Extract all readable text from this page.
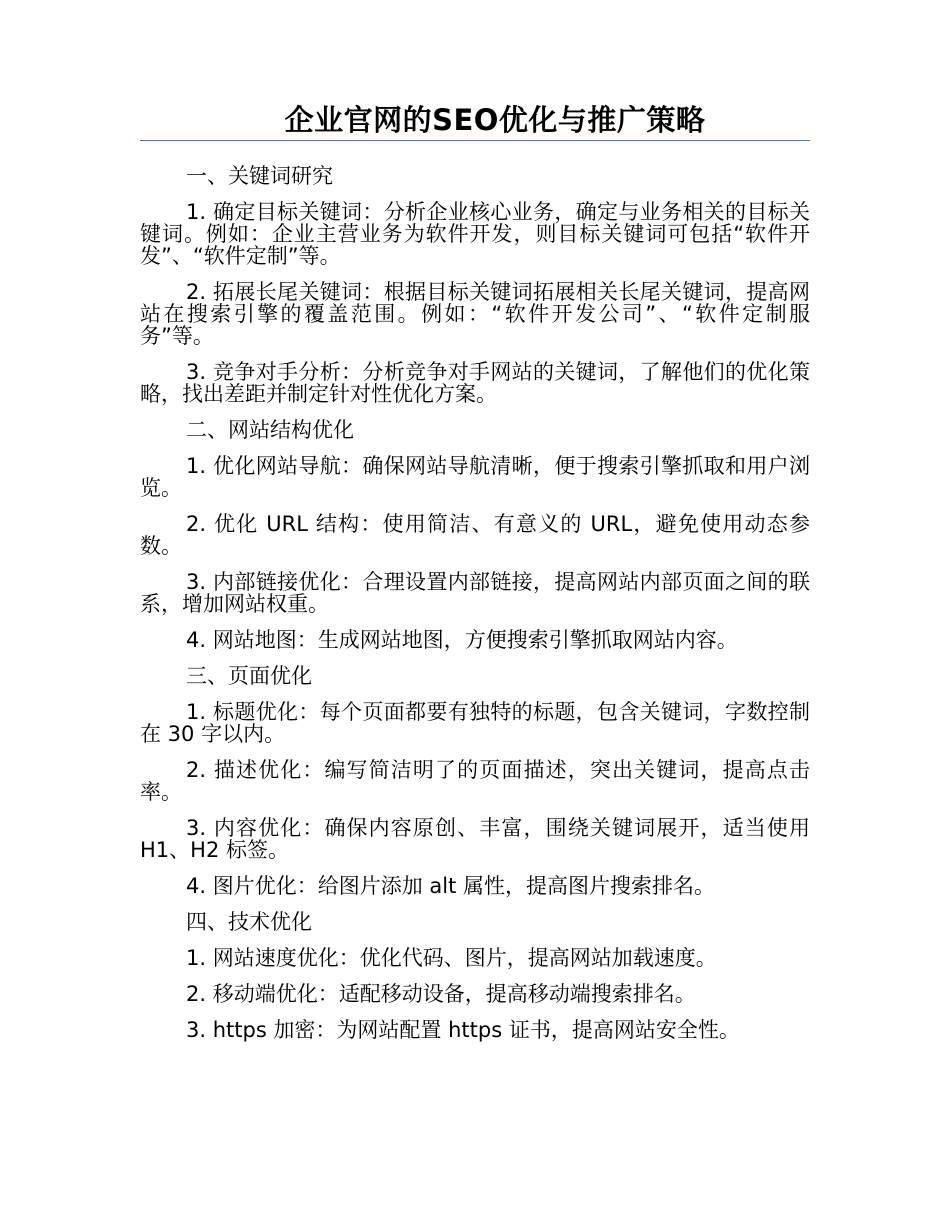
企业官网的SEO优化与推广策略

一、关键词研究

1. 确定目标关键词：分析企业核心业务，确定与业务相关的目标关键词。例如：企业主营业务为软件开发，则目标关键词可包括“软件开发”、“软件定制”等。

2. 拓展长尾关键词：根据目标关键词拓展相关长尾关键词，提高网站在搜索引擎的覆盖范围。例如：“软件开发公司”、“软件定制服务”等。

3. 竞争对手分析：分析竞争对手网站的关键词，了解他们的优化策略，找出差距并制定针对性优化方案。

二、网站结构优化

1. 优化网站导航：确保网站导航清晰，便于搜索引擎抓取和用户浏览。

2. 优化 URL 结构：使用简洁、有意义的 URL，避免使用动态参数。

3. 内部链接优化：合理设置内部链接，提高网站内部页面之间的联系，增加网站权重。

4. 网站地图：生成网站地图，方便搜索引擎抓取网站内容。

三、页面优化

1. 标题优化：每个页面都要有独特的标题，包含关键词，字数控制在 30 字以内。

2. 描述优化：编写简洁明了的页面描述，突出关键词，提高点击率。

3. 内容优化：确保内容原创、丰富，围绕关键词展开，适当使用 H1、H2 标签。

4. 图片优化：给图片添加 alt 属性，提高图片搜索排名。

四、技术优化

1. 网站速度优化：优化代码、图片，提高网站加载速度。

2. 移动端优化：适配移动设备，提高移动端搜索排名。

3. https 加密：为网站配置 https 证书，提高网站安全性。
